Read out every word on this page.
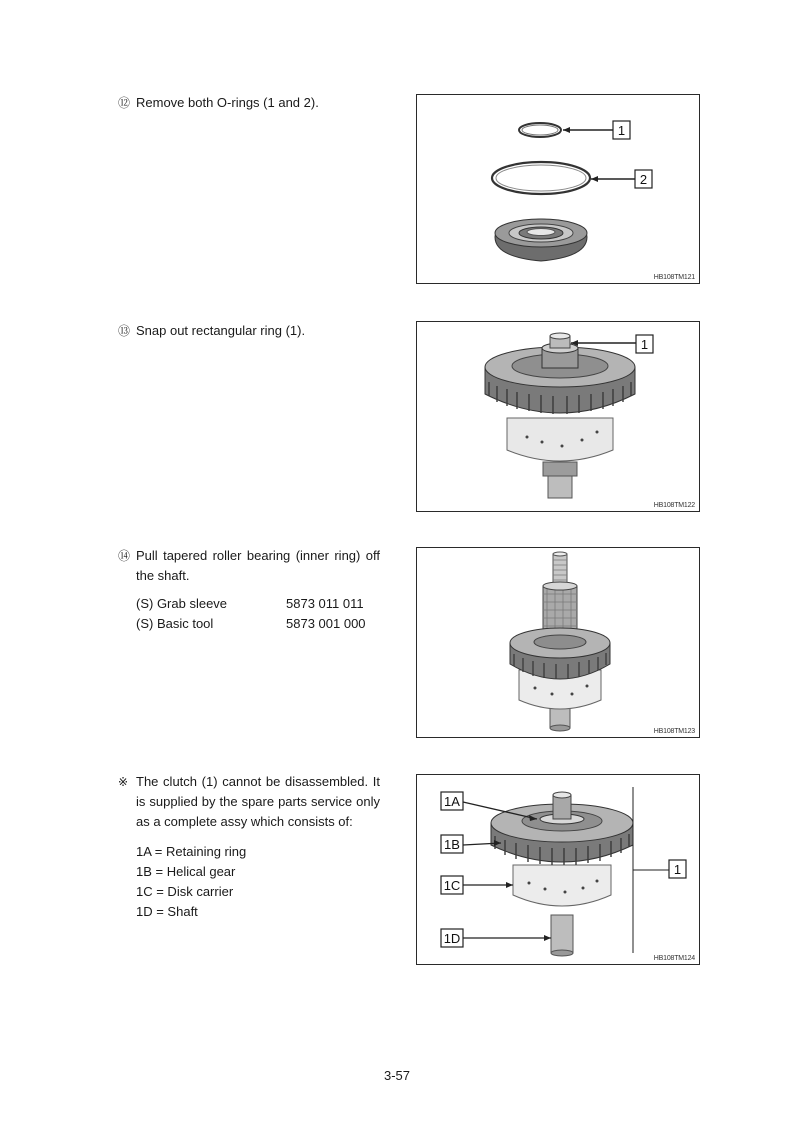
⑫ Remove both O-rings (1 and 2).

⑬ Snap out rectangular ring (1).

⑭ Pull tapered roller bearing (inner ring) off the shaft.

(S) Grab sleeve	5873 011 011
(S) Basic tool	5873 001 000
※ The clutch (1) cannot be disassembled. It is supplied by the spare parts service only as a complete assy which consists of:

1A = Retaining ring

1B = Helical gear

1C = Disk carrier

1D = Shaft

1
2
HB108TM121
1
HB108TM122
HB108TM123
1A
1B
1C
1D
1
HB108TM124
3-57
